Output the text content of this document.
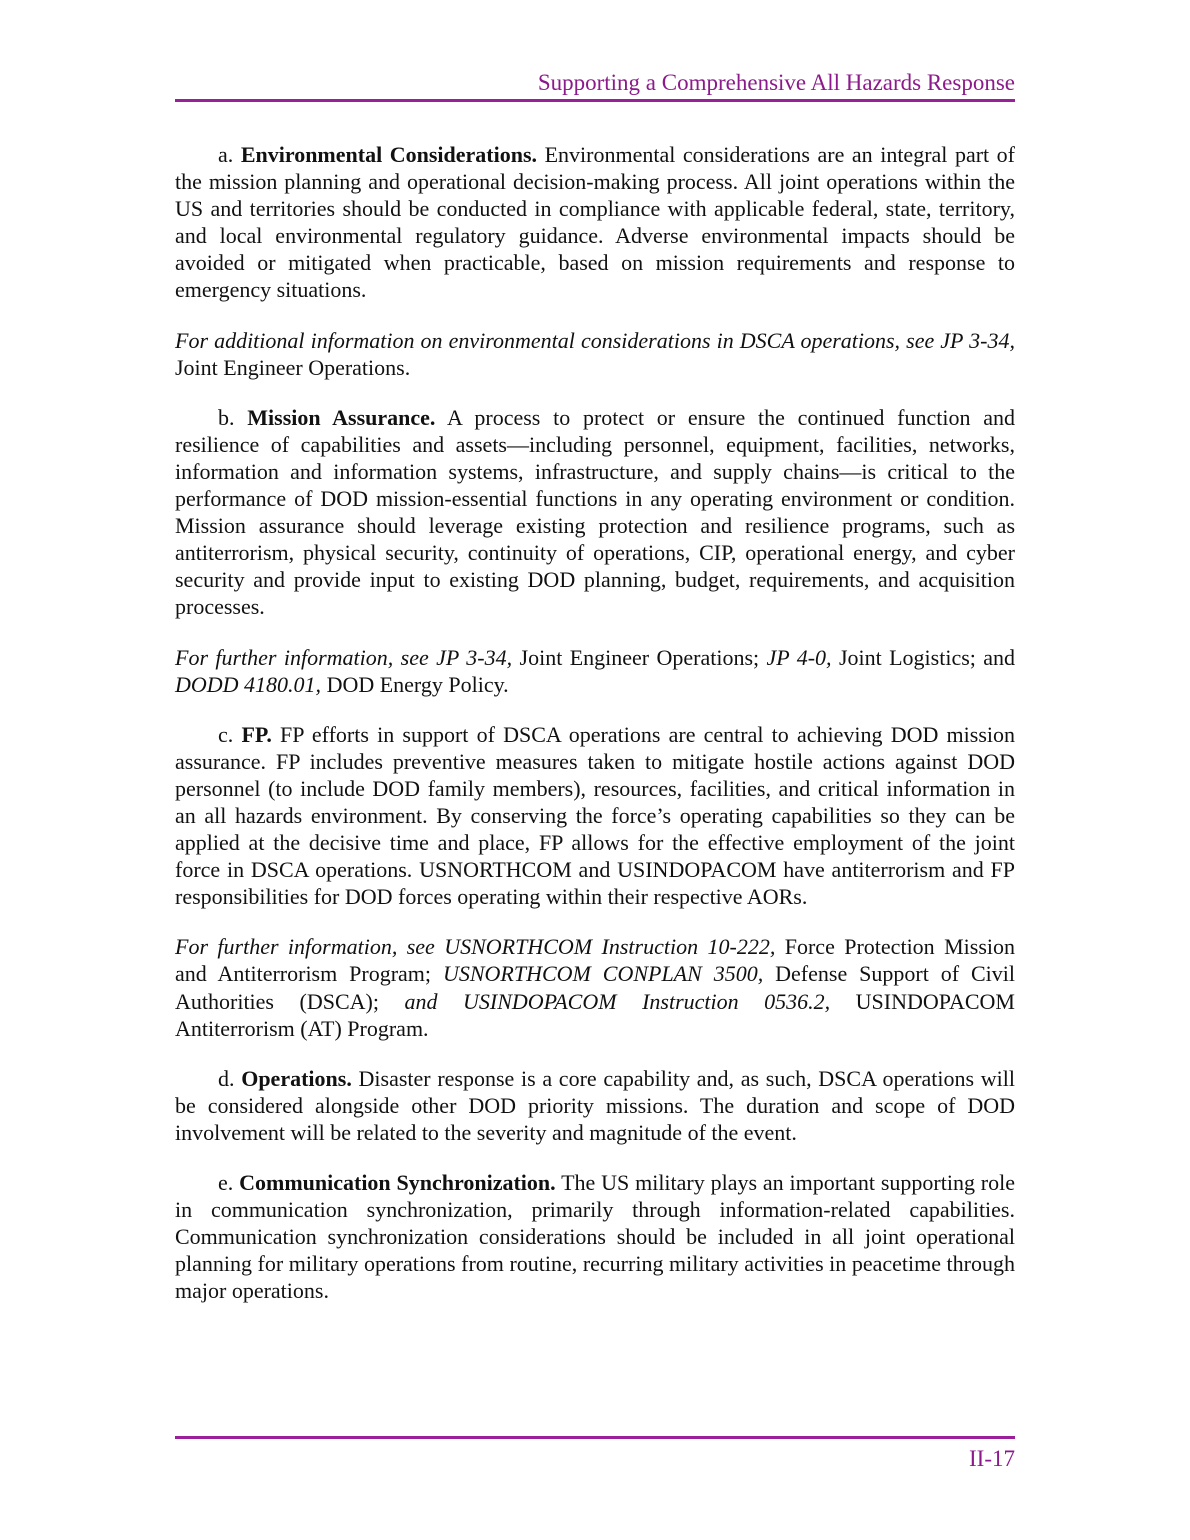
Supporting a Comprehensive All Hazards Response

a. Environmental Considerations. Environmental considerations are an integral part of the mission planning and operational decision-making process. All joint operations within the US and territories should be conducted in compliance with applicable federal, state, territory, and local environmental regulatory guidance. Adverse environmental impacts should be avoided or mitigated when practicable, based on mission requirements and response to emergency situations.

For additional information on environmental considerations in DSCA operations, see JP 3-34, Joint Engineer Operations.

b. Mission Assurance. A process to protect or ensure the continued function and resilience of capabilities and assets—including personnel, equipment, facilities, networks, information and information systems, infrastructure, and supply chains—is critical to the performance of DOD mission-essential functions in any operating environment or condition. Mission assurance should leverage existing protection and resilience programs, such as antiterrorism, physical security, continuity of operations, CIP, operational energy, and cyber security and provide input to existing DOD planning, budget, requirements, and acquisition processes.

For further information, see JP 3-34, Joint Engineer Operations; JP 4-0, Joint Logistics; and DODD 4180.01, DOD Energy Policy.

c. FP. FP efforts in support of DSCA operations are central to achieving DOD mission assurance. FP includes preventive measures taken to mitigate hostile actions against DOD personnel (to include DOD family members), resources, facilities, and critical information in an all hazards environment. By conserving the force’s operating capabilities so they can be applied at the decisive time and place, FP allows for the effective employment of the joint force in DSCA operations. USNORTHCOM and USINDOPACOM have antiterrorism and FP responsibilities for DOD forces operating within their respective AORs.

For further information, see USNORTHCOM Instruction 10-222, Force Protection Mission and Antiterrorism Program; USNORTHCOM CONPLAN 3500, Defense Support of Civil Authorities (DSCA); and USINDOPACOM Instruction 0536.2, USINDOPACOM Antiterrorism (AT) Program.

d. Operations. Disaster response is a core capability and, as such, DSCA operations will be considered alongside other DOD priority missions. The duration and scope of DOD involvement will be related to the severity and magnitude of the event.

e. Communication Synchronization. The US military plays an important supporting role in communication synchronization, primarily through information-related capabilities. Communication synchronization considerations should be included in all joint operational planning for military operations from routine, recurring military activities in peacetime through major operations.

II-17
